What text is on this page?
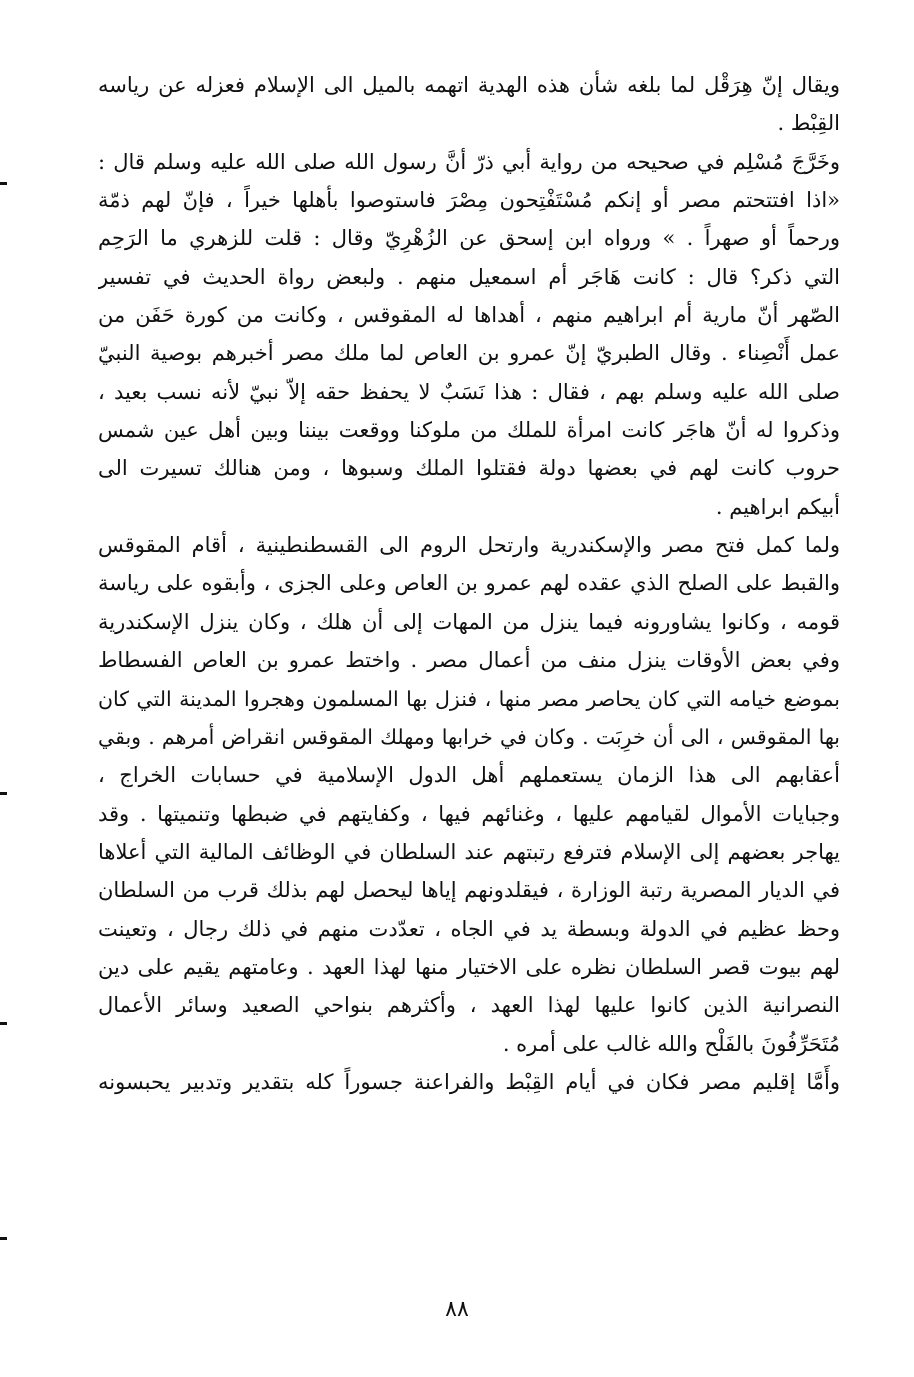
ويقال إنّ هِرَقْل لما بلغه شأن هذه الهدية اتهمه بالميل الى الإسلام فعزله عن رياسه
القِبْط .
وخَرَّجَ مُسْلِم في صحيحه من رواية أبي ذرّ أنَّ رسول الله صلى الله عليه وسلم قال :
«اذا افتتحتم مصر أو إنكم مُسْتَفْتِحون مِصْرَ فاستوصوا بأهلها خيراً ، فإنّ لهم ذمّة
ورحماً أو صهراً . » ورواه ابن إسحق عن الزُهْرِيّ وقال : قلت للزهري ما الرَحِم
التي ذكر؟ قال : كانت هَاجَر أم اسمعيل منهم . ولبعض رواة الحديث في تفسير
الصّهر أنّ مارية أم ابراهيم منهم ، أهداها له المقوقس ، وكانت من كورة حَفَن من
عمل أَنْصِناء . وقال الطبريّ إنّ عمرو بن العاص لما ملك مصر أخبرهم بوصية النبيّ
صلى الله عليه وسلم بهم ، فقال : هذا نَسَبٌ لا يحفظ حقه إلاّ نبيّ لأنه نسب بعيد ،
وذكروا له أنّ هاجَر كانت امرأة للملك من ملوكنا ووقعت بيننا وبين أهل عين شمس
حروب كانت لهم في بعضها دولة فقتلوا الملك وسبوها ، ومن هنالك تسيرت الى
أبيكم ابراهيم .
ولما كمل فتح مصر والإسكندرية وارتحل الروم الى القسطنطينية ، أقام المقوقس
والقبط على الصلح الذي عقده لهم عمرو بن العاص وعلى الجزى ، وأبقوه على رياسة
قومه ، وكانوا يشاورونه فيما ينزل من المهات إلى أن هلك ، وكان ينزل الإسكندرية
وفي بعض الأوقات ينزل منف من أعمال مصر . واختط عمرو بن العاص الفسطاط
بموضع خيامه التي كان يحاصر مصر منها ، فنزل بها المسلمون وهجروا المدينة التي كان
بها المقوقس ، الى أن خرِبَت . وكان في خرابها ومهلك المقوقس انقراض أمرهم . وبقي
أعقابهم الى هذا الزمان يستعملهم أهل الدول الإسلامية في حسابات الخراج ،
وجبايات الأموال لقيامهم عليها ، وغنائهم فيها ، وكفايتهم في ضبطها وتنميتها . وقد
يهاجر بعضهم إلى الإسلام فترفع رتبتهم عند السلطان في الوظائف المالية التي أعلاها
في الديار المصرية رتبة الوزارة ، فيقلدونهم إياها ليحصل لهم بذلك قرب من السلطان
وحظ عظيم في الدولة وبسطة يد في الجاه ، تعدّدت منهم في ذلك رجال ، وتعينت
لهم بيوت قصر السلطان نظره على الاختيار منها لهذا العهد . وعامتهم يقيم على دين
النصرانية الذين كانوا عليها لهذا العهد ، وأكثرهم بنواحي الصعيد وسائر الأعمال
مُتَحَرِّفُونَ بالفَلْح والله غالب على أمره .
وأَمَّا إقليم مصر فكان في أيام القِبْط والفراعنة جسوراً كله بتقدير وتدبير يحبسونه
٨٨
